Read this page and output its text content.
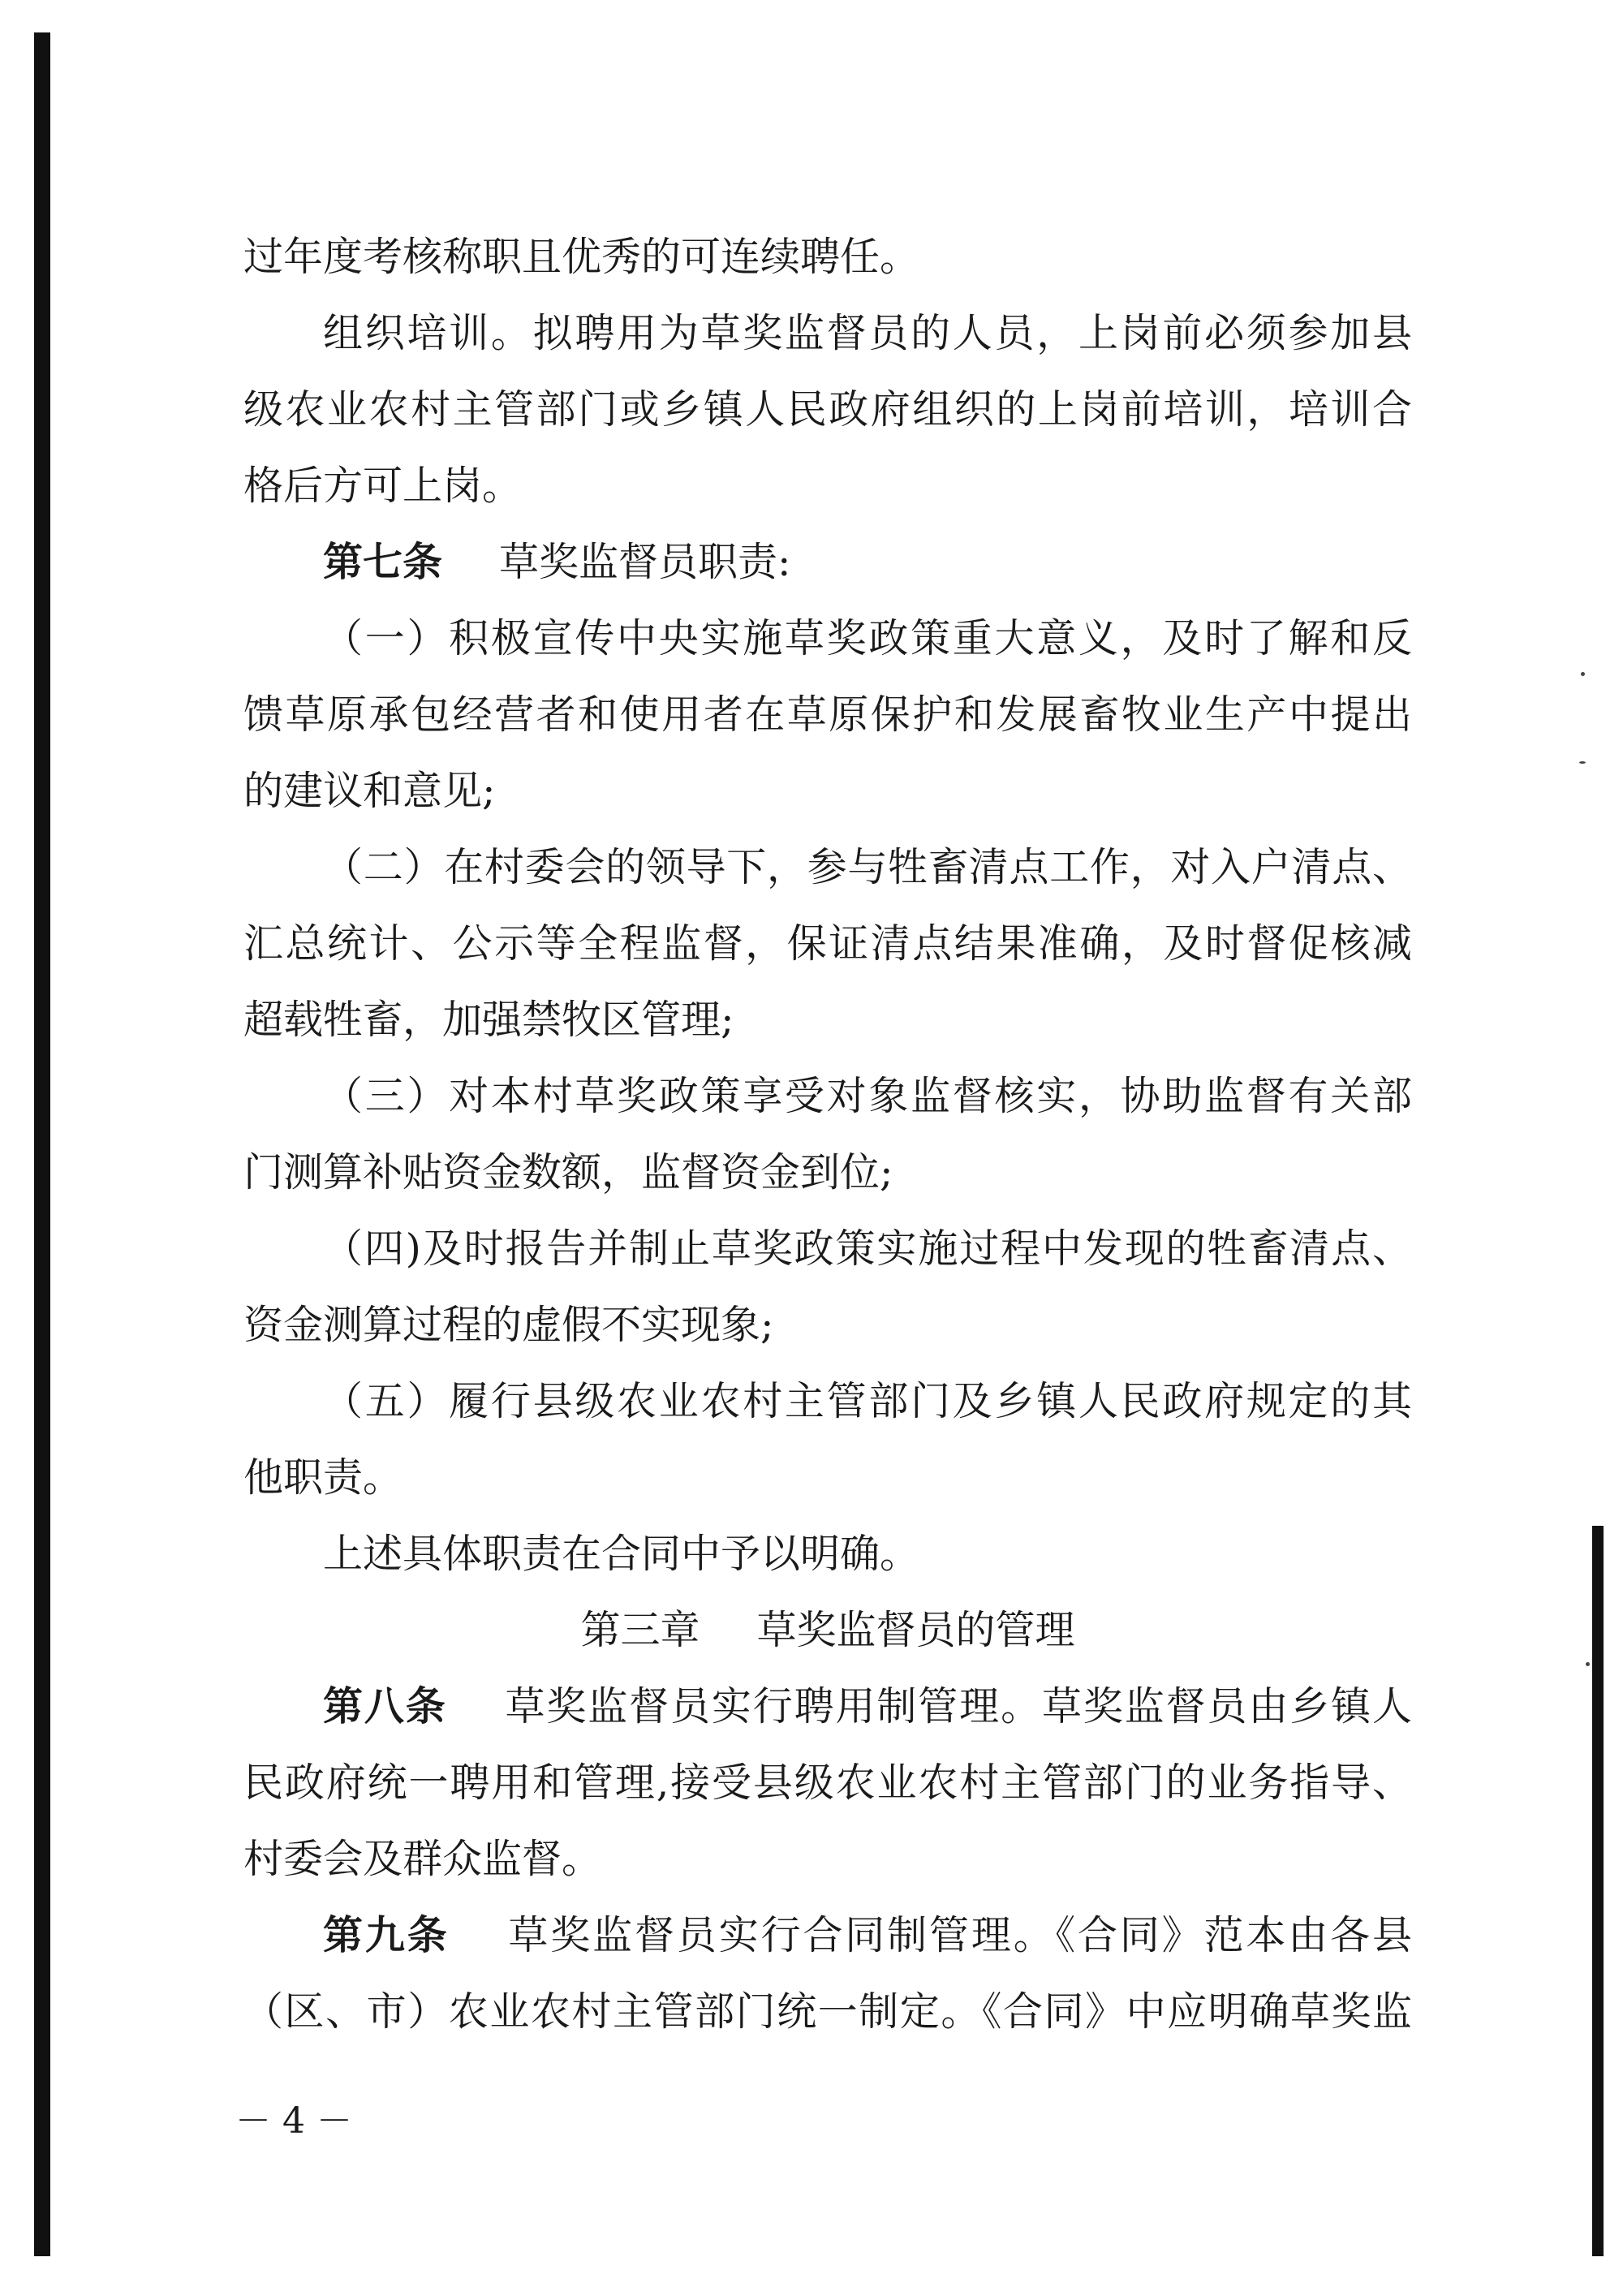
过年度考核称职且优秀的可连续聘任。
组织培训。拟聘用为草奖监督员的人员，上岗前必须参加县
级农业农村主管部门或乡镇人民政府组织的上岗前培训，培训合
格后方可上岗。
第七条 草奖监督员职责:
（一）积极宣传中央实施草奖政策重大意义，及时了解和反
馈草原承包经营者和使用者在草原保护和发展畜牧业生产中提出
的建议和意见;
（二）在村委会的领导下，参与牲畜清点工作，对入户清点、
汇总统计、公示等全程监督，保证清点结果准确，及时督促核减
超载牲畜，加强禁牧区管理;
（三）对本村草奖政策享受对象监督核实，协助监督有关部
门测算补贴资金数额，监督资金到位;
（四)及时报告并制止草奖政策实施过程中发现的牲畜清点、
资金测算过程的虚假不实现象;
（五）履行县级农业农村主管部门及乡镇人民政府规定的其
他职责。
上述具体职责在合同中予以明确。
第三章 草奖监督员的管理
第八条 草奖监督员实行聘用制管理。草奖监督员由乡镇人
民政府统一聘用和管理,接受县级农业农村主管部门的业务指导、
村委会及群众监督。
第九条 草奖监督员实行合同制管理。《合同》范本由各县
（区、市）农业农村主管部门统一制定。《合同》中应明确草奖监
－ 4 －
